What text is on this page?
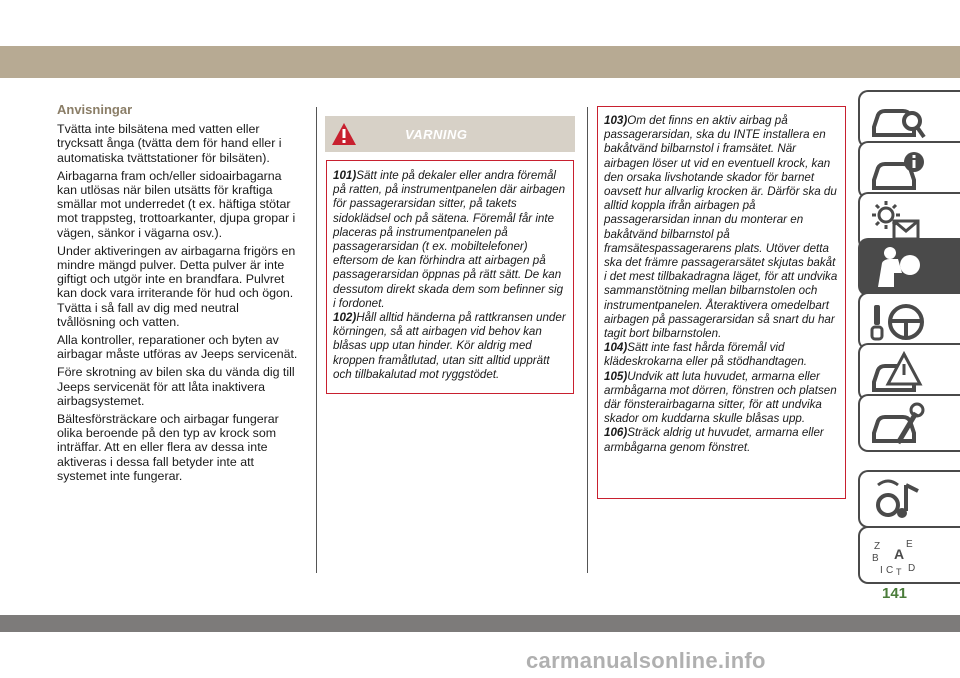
Anvisningar

Tvätta inte bilsätena med vatten eller trycksatt ånga (tvätta dem för hand eller i automatiska tvättstationer för bilsäten).

Airbagarna fram och/eller sidoairbagarna kan utlösas när bilen utsätts för kraftiga smällar mot underredet (t ex. häftiga stötar mot trappsteg, trottoarkanter, djupa gropar i vägen, sänkor i vägarna osv.).

Under aktiveringen av airbagarna frigörs en mindre mängd pulver. Detta pulver är inte giftigt och utgör inte en brandfara. Pulvret kan dock vara irriterande för hud och ögon. Tvätta i så fall av dig med neutral tvållösning och vatten.

Alla kontroller, reparationer och byten av airbagar måste utföras av Jeeps servicenät.

Före skrotning av bilen ska du vända dig till Jeeps servicenät för att låta inaktivera airbagsystemet.

Bältesförsträckare och airbagar fungerar olika beroende på den typ av krock som inträffar. Att en eller flera av dessa inte aktiveras i dessa fall betyder inte att systemet inte fungerar.

VARNING

101)Sätt inte på dekaler eller andra föremål på ratten, på instrumentpanelen där airbagen för passagerarsidan sitter, på takets sidoklädsel och på sätena. Föremål får inte placeras på instrumentpanelen på passagerarsidan (t ex. mobiltelefoner) eftersom de kan förhindra att airbagen på passagerarsidan öppnas på rätt sätt. De kan dessutom direkt skada dem som befinner sig i fordonet.

102)Håll alltid händerna på rattkransen under körningen, så att airbagen vid behov kan blåsas upp utan hinder. Kör aldrig med kroppen framåtlutad, utan sitt alltid upprätt och tillbakalutad mot ryggstödet.

103)Om det finns en aktiv airbag på passagerarsidan, ska du INTE installera en bakåtvänd bilbarnstol i framsätet. När airbagen löser ut vid en eventuell krock, kan den orsaka livshotande skador för barnet oavsett hur allvarlig krocken är. Därför ska du alltid koppla ifrån airbagen på passagerarsidan innan du monterar en bakåtvänd bilbarnstol på framsätespassagerarens plats. Utöver detta ska det främre passagerarsätet skjutas bakåt i det mest tillbakadragna läget, för att undvika sammanstötning mellan bilbarnstolen och instrumentpanelen. Återaktivera omedelbart airbagen på passagerarsidan så snart du har tagit bort bilbarnstolen.

104)Sätt inte fast hårda föremål vid klädeskrokarna eller på stödhandtagen.

105)Undvik att luta huvudet, armarna eller armbågarna mot dörren, fönstren och platsen där fönsterairbagarna sitter, för att undvika skador om kuddarna skulle blåsas upp.

106)Sträck aldrig ut huvudet, armarna eller armbågarna genom fönstret.

Z
B A
C D
I
E
T
141
carmanualsonline.info
